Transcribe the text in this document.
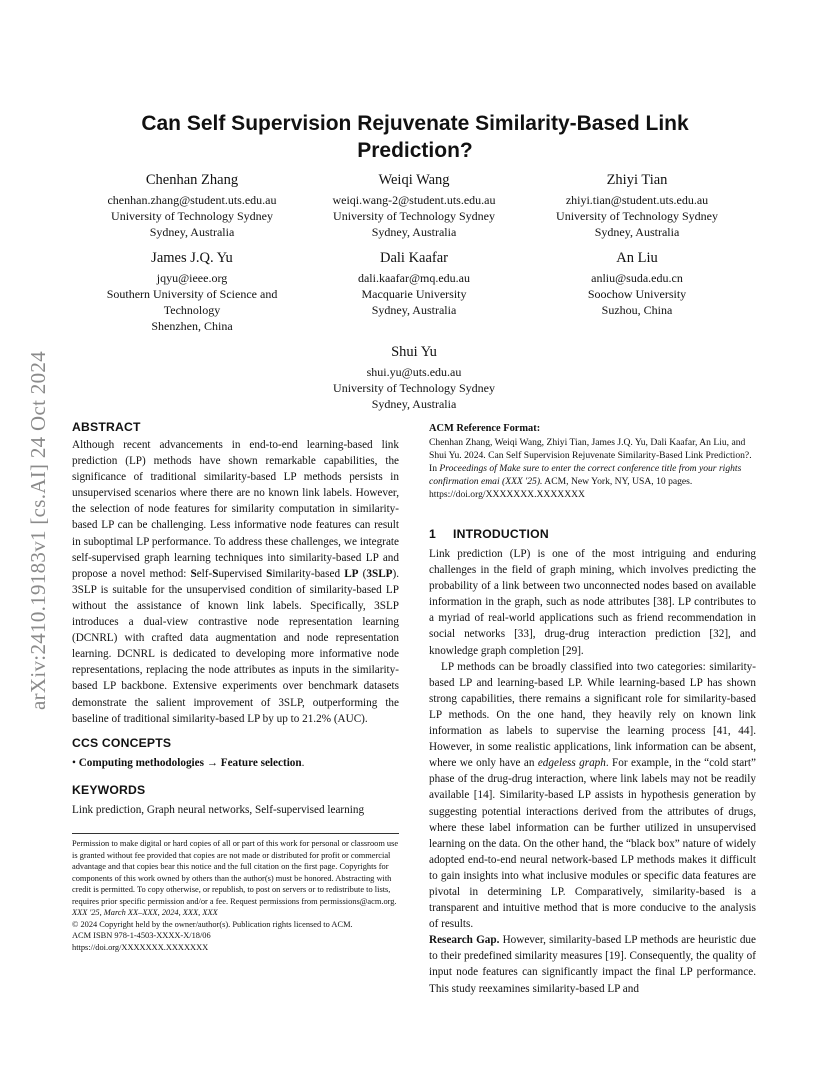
arXiv:2410.19183v1 [cs.AI] 24 Oct 2024
Can Self Supervision Rejuvenate Similarity-Based Link Prediction?
Chenhan Zhang
chenhan.zhang@student.uts.edu.au
University of Technology Sydney
Sydney, Australia
Weiqi Wang
weiqi.wang-2@student.uts.edu.au
University of Technology Sydney
Sydney, Australia
Zhiyi Tian
zhiyi.tian@student.uts.edu.au
University of Technology Sydney
Sydney, Australia
James J.Q. Yu
jqyu@ieee.org
Southern University of Science and Technology
Shenzhen, China
Dali Kaafar
dali.kaafar@mq.edu.au
Macquarie University
Sydney, Australia
An Liu
anliu@suda.edu.cn
Soochow University
Suzhou, China
Shui Yu
shui.yu@uts.edu.au
University of Technology Sydney
Sydney, Australia
ABSTRACT

Although recent advancements in end-to-end learning-based link prediction (LP) methods have shown remarkable capabilities, the significance of traditional similarity-based LP methods persists in unsupervised scenarios where there are no known link labels. However, the selection of node features for similarity computation in similarity-based LP can be challenging. Less informative node features can result in suboptimal LP performance. To address these challenges, we integrate self-supervised graph learning techniques into similarity-based LP and propose a novel method: Self-Supervised Similarity-based LP (3SLP). 3SLP is suitable for the unsupervised condition of similarity-based LP without the assistance of known link labels. Specifically, 3SLP introduces a dual-view contrastive node representation learning (DCNRL) with crafted data augmentation and node representation learning. DCNRL is dedicated to developing more informative node representations, replacing the node attributes as inputs in the similarity-based LP backbone. Extensive experiments over benchmark datasets demonstrate the salient improvement of 3SLP, outperforming the baseline of traditional similarity-based LP by up to 21.2% (AUC).

CCS CONCEPTS

• Computing methodologies → Feature selection.

KEYWORDS

Link prediction, Graph neural networks, Self-supervised learning

Permission to make digital or hard copies of all or part of this work for personal or classroom use is granted without fee provided that copies are not made or distributed for profit or commercial advantage and that copies bear this notice and the full citation on the first page. Copyrights for components of this work owned by others than the author(s) must be honored. Abstracting with credit is permitted. To copy otherwise, or republish, to post on servers or to redistribute to lists, requires prior specific permission and/or a fee. Request permissions from permissions@acm.org.

XXX '25, March XX–XXX, 2024, XXX, XXX

© 2024 Copyright held by the owner/author(s). Publication rights licensed to ACM.

ACM ISBN 978-1-4503-XXXX-X/18/06

https://doi.org/XXXXXXX.XXXXXXX

ACM Reference Format:

Chenhan Zhang, Weiqi Wang, Zhiyi Tian, James J.Q. Yu, Dali Kaafar, An Liu, and Shui Yu. 2024. Can Self Supervision Rejuvenate Similarity-Based Link Prediction?. In Proceedings of Make sure to enter the correct conference title from your rights confirmation emai (XXX '25). ACM, New York, NY, USA, 10 pages. https://doi.org/XXXXXXX.XXXXXXX

1 INTRODUCTION

Link prediction (LP) is one of the most intriguing and enduring challenges in the field of graph mining, which involves predicting the probability of a link between two unconnected nodes based on available information in the graph, such as node attributes [38]. LP contributes to a myriad of real-world applications such as friend recommendation in social networks [33], drug-drug interaction prediction [32], and knowledge graph completion [29].

LP methods can be broadly classified into two categories: similarity-based LP and learning-based LP. While learning-based LP has shown strong capabilities, there remains a significant role for similarity-based LP methods. On the one hand, they heavily rely on known link information as labels to supervise the learning process [41, 44]. However, in some realistic applications, link information can be absent, where we only have an edgeless graph. For example, in the “cold start” phase of the drug-drug interaction, where link labels may not be readily available [14]. Similarity-based LP assists in hypothesis generation by suggesting potential interactions derived from the attributes of drugs, where these label information can be further utilized in unsupervised learning on the data. On the other hand, the “black box” nature of widely adopted end-to-end neural network-based LP methods makes it difficult to gain insights into what inclusive modules or specific data features are pivotal in determining LP. Comparatively, similarity-based is a transparent and intuitive method that is more conducive to the analysis of results.

Research Gap. However, similarity-based LP methods are heuristic due to their predefined similarity measures [19]. Consequently, the quality of input node features can significantly impact the final LP performance. This study reexamines similarity-based LP and
